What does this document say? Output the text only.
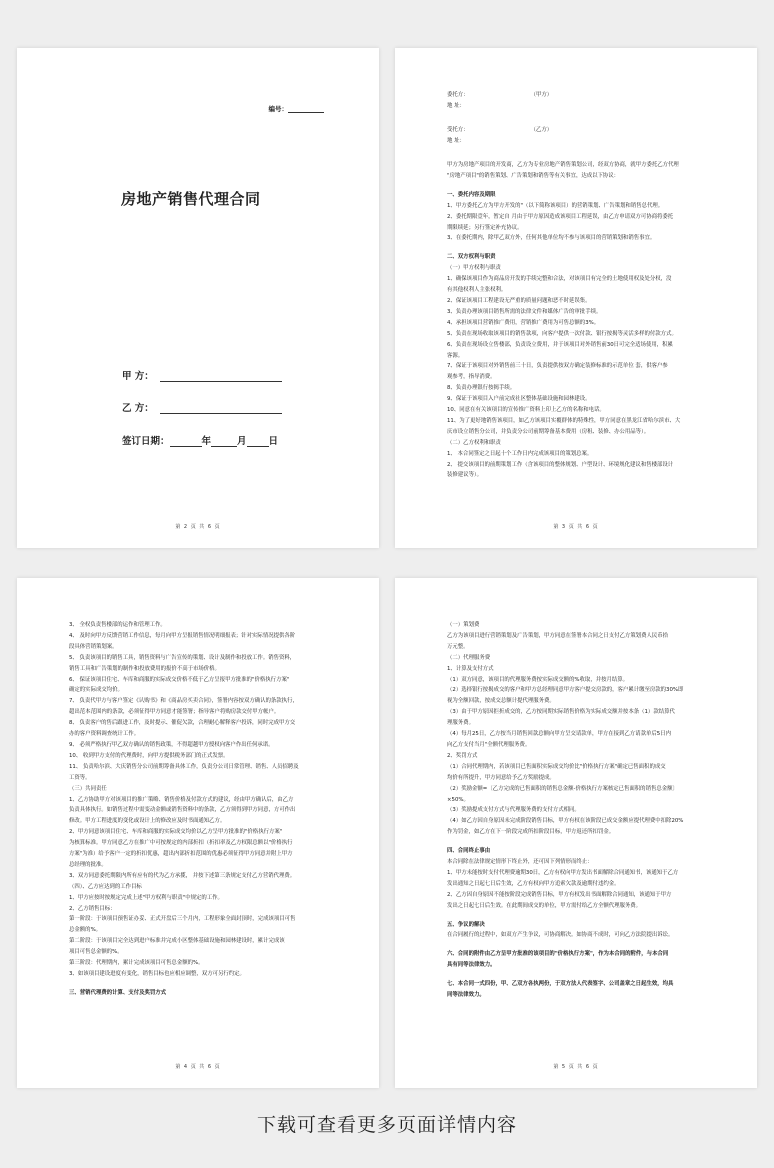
编号：
房地产销售代理合同
甲 方：
乙 方：
签订日期：	年	月 日
第 2 页 共 6 页
委托方：	（甲方）
地 址：
受托方：	（乙方）
地 址：
甲方为房地产项目的开发商，乙方为专业房地产销售策划公司，经双方协商，就甲方委托乙方代理
"房地产项目"的销售策划、广告策划和销售等有关事宜，达成以下协议：
一、委托内容及期限
1、甲方委托乙方为甲方开发的"（以下简称该项目）的营销策划、广告策划和销售总代理。
2、委托期限壹年，暂定自 月由于甲方原因造成该项目工程延误，由乙方申请双方可协商将委托
期限续延；另行签定补充协议。
3、在委托期内，除甲乙双方外，任何其他单位均不参与该项目的营销策划和销售事宜。
二、双方权利与职责
（一）甲方权利与职责
1、确保该项目作为商品房开发的手续完整和合法，对该项目有完全的土地使用权及处分权，没
有其他权利人主张权利。
2、保证该项目工程建设无严重的质量问题和恶不时延误集。
3、负责办理该项目销售所需的法律文件和媒体广告的审批手续。
4、承担该项目营销推广费用，营销推广费用为可售总额的3%。
5、负责在现场收取该项目的销售款项，向客户提供一次付款、银行按揭等灵活多样的付款方式。
6、负责在现场设立售楼部，负责设立费用，并于该项目对外销售前30日可完全适场使用，积累
客源。
7、保证于该项目对外销售前三十日，负责提供按双方确定装修标准的示范单位 套，供客户参
观参考，指导消费。
8、负责办理银行按揭手续。
9、保证于该项目入户前完成社区整体基础设施和园林建设。
10、同意在有关该项目的宣传推广资料上印上乙方的名称和电话。
11、为了更好地销售该项目，如乙方该项目实覆群体的特殊性，甲方同意在黑龙江省哈尔滨市、大
庆市设立销售分公司，并负责分公司前期筹备基本费用（房租、装修、办公用品等）。
（二）乙方权利和职责
1、 本合同签定之日起十个工作日内完成该项目的策划总案。
2、 提交该项目的前期策划工作（含该项目的整体规划、户型设计、环境规化建议和售楼部设计
装修建议等）。
第 3 页 共 6 页
3、 全权负责售楼部的运作和管理工作。
4、 及时向甲方反馈营销工作信息，每月向甲方呈报销售情况明细报表；针对实际情况提供各阶
段具体营销策划案。
5、 负责该项目的销售工具，销售资料与广告宣传的策划、设计及制作和投放工作。销售资料，
销售工具和广告策划的制作和投放费用的报价不高于市场价格。
6、 保证该项目住宅、车库和商服的实际成交价格不低于乙方呈报甲方批准的"价格执行方案"
确定的实际成交均价。
7、 负责代甲方与客户签定《认购书》和《商品房买卖合同》，签署内容按双方确认的条款执行，
超出范本范围内的条款，必须征得甲方同意才能签署；指导客户将购房款交付甲方帐户。
8、 负责客户的售后跟进工作，及时提示、催促欠款，合理耐心解释客户投诉，同时完成甲方交
办的客户资料调查统计工作。
9、 必须严格执行甲乙双方确认的销售政策，不得超越甲方授权向客户作出任何承诺。
10、 收到甲方支付的代理费时，向甲方提供税务部门的正式发票。
11、 负责哈尔滨、大庆销售分公司前期筹备具体工作，负责分公司日常管理、销售、人员招聘及
工资等。
（三）共同责任
1、乙方协助甲方对该项目的推广策略、销售价格及付款方式的建议，经由甲方确认后，由乙方
负责具体执行。如销售过程中需变动金额或销售资料中的条款，乙方须得到甲方同意，方可作出
修改。甲方工程进度的变化或设计上的修改应及时书面通知乙方。
2、甲方同意该项目住宅、车库和商服的实际成交均价以乙方呈甲方批准的"价格执行方案"
为核算标准。甲方同意乙方在推广中可按规定的内部折扣（折扣率及乙方权限总额以"价格执行
方案"为准）给予客户一定的折扣优惠，超出内部折扣范围的优惠必须征得甲方同意并附上甲方
总经理的批准。
3、双方同意委托期限内所有应有的代为乙方承揽， 并按下述第三条规定支付乙方营销代理费。
（四）、乙方应达到的工作目标
1、甲方应按时按规定完成上述"甲方权利与职责"中规定的工作。
2、乙方销售目标：
第一阶段：于该项目预售证办妥、正式开盘后三个月内，工程形象全面封顶时，完成该项目可售
总金额的%。
第二阶段：于该项目完全达到进户标准并完成小区整体基础设施和园林建设时，累计完成该
项目可售总金额的%。
第三阶段：代理期内，累计完成该项目可售总金额的%。
3、如该项目建设进度有变化，销售目标也应相应调整，双方可另行约定。
三、营销代理费的计算、支付及奖罚方式
第 4 页 共 6 页
（一）策划费
乙方为该项目进行营销策划及广告策划，甲方同意在签署本合同之日支付乙方策划费人民币拾
万元整。
（二）代理服务费
1、计算及支付方式
（1）双方同意，该项目的代理服务费按实际成交额的%收取，并按月结算。
（2）选择银行按揭成交的客户和甲方总经理同意甲方客户提交房款的，客户累计缴至房款的30%即
视为全额回款，按成交总额计提代理服务费。
（3）由于甲方原因拒折成交的，乙方按同期实际销售价格为实际成交额并按本条（1）款结算代
理服务费。
（4）每月25日，乙方按当月销售回款总额向甲方呈交请款单，甲方在接到乙方请款单后5日内
向乙方支付当月"全额代理服务费。
2、奖罚方式
（1）合同代理期内，若该项目已售面积实际成交均价比"价格执行方案"确定已售面积的成交
均价有所提升，甲方同意给予乙方奖励提成。
（2）奖励金额=〔乙方完成的已售面积的销售总金额-价格执行方案核定已售面积的销售总金额〕
×50%。
（3）奖励提成支付方式与代理服务费的支付方式相同。
（4）如乙方因自身原因未完成阶段销售目标，甲方有权在该阶段已成交金额应提代理费中扣除20%
作为罚金，如乙方在下一阶段完成所扣阶段目标，甲方返还所扣罚金。
四、合同终止事由
本合同除在法律规定情形下终止外，还可因下列情形而终止：
1、甲方未能按时支付代理费逾期30日，乙方有权向甲方发出书面解除合同通知书，该通知于乙方
发出通知之日起七日后生效，乙方有权向甲方追索欠款及逾期付违约金。
2、乙方因自身原因不能按阶段完成销售目标，甲方有权发出书面解除合同通知，该通知于甲方
发出之日起七日后生效。在此期间成交的单位，甲方需付给乙方全额代理服务费。
五、争议的解决
在合同履行的过程中，如双方产生争议，可协商解决。如协商不成时，可向乙方法院提出诉讼。
六、合同的附件由乙方呈甲方批准的该项目的"价格执行方案"，作为本合同的附件，与本合同
具有同等法律效力。
七、本合同一式四份，甲、乙双方各执两份，于双方法人代表签字、公司盖章之日起生效，均具
同等法律效力。
第 5 页 共 6 页
下载可查看更多页面详情内容
